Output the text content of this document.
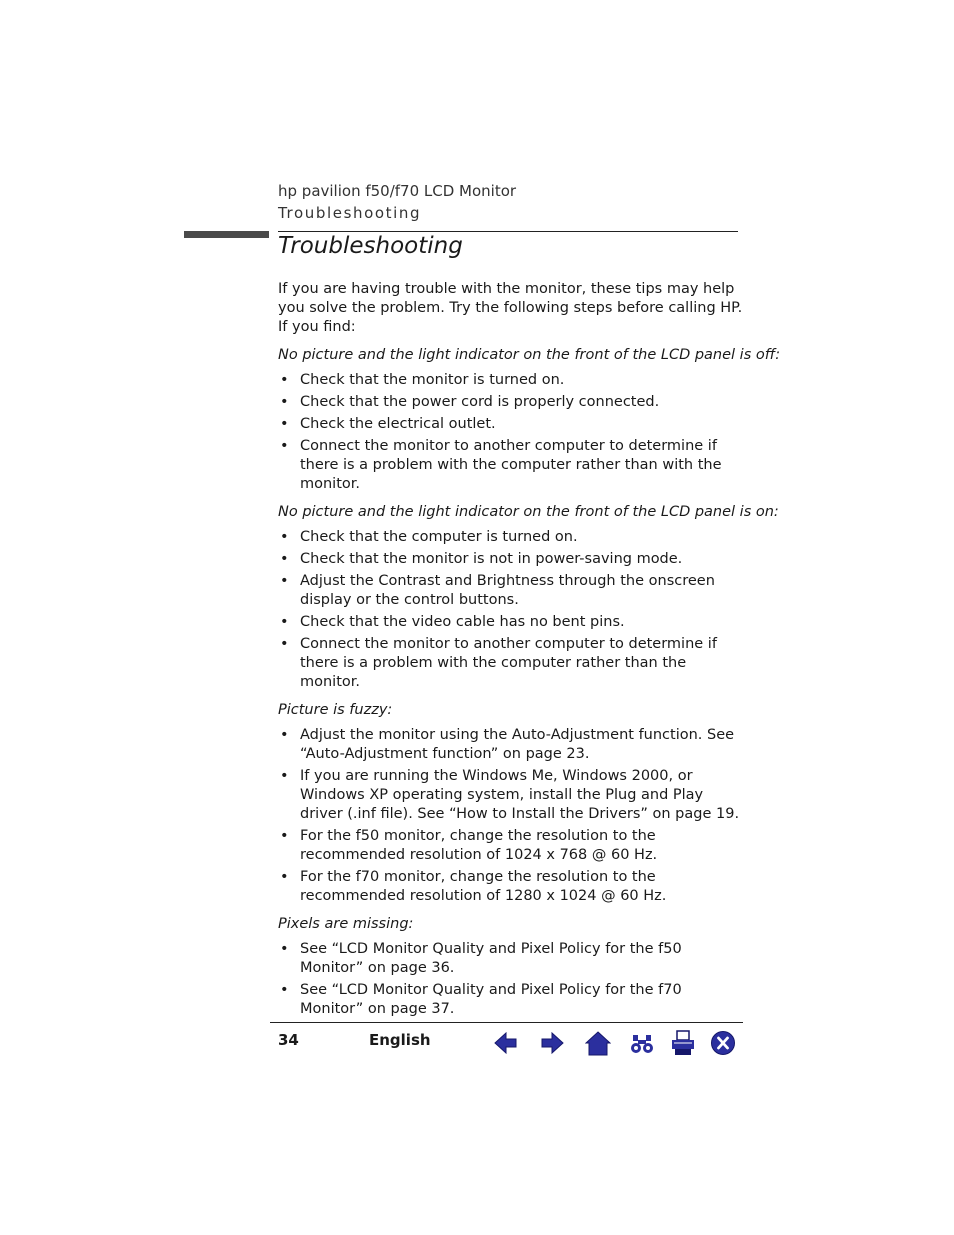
hp pavilion f50/f70 LCD Monitor
Troubleshooting
Troubleshooting

If you are having trouble with the monitor, these tips may help you solve the problem. Try the following steps before calling HP.
If you find:

No picture and the light indicator on the front of the LCD panel is off:

• Check that the monitor is turned on.
• Check that the power cord is properly connected.
• Check the electrical outlet.
• Connect the monitor to another computer to determine if there is a problem with the computer rather than with the monitor.

No picture and the light indicator on the front of the LCD panel is on:

• Check that the computer is turned on.
• Check that the monitor is not in power-saving mode.
• Adjust the Contrast and Brightness through the onscreen display or the control buttons.
• Check that the video cable has no bent pins.
• Connect the monitor to another computer to determine if there is a problem with the computer rather than the monitor.

Picture is fuzzy:

• Adjust the monitor using the Auto-Adjustment function. See “Auto-Adjustment function” on page 23.
• If you are running the Windows Me, Windows 2000, or Windows XP operating system, install the Plug and Play driver (.inf file). See “How to Install the Drivers” on page 19.
• For the f50 monitor, change the resolution to the recommended resolution of 1024 x 768 @ 60 Hz.
• For the f70 monitor, change the resolution to the recommended resolution of 1280 x 1024 @ 60 Hz.

Pixels are missing:

• See “LCD Monitor Quality and Pixel Policy for the f50 Monitor” on page 36.
• See “LCD Monitor Quality and Pixel Policy for the f70 Monitor” on page 37.
34	English
